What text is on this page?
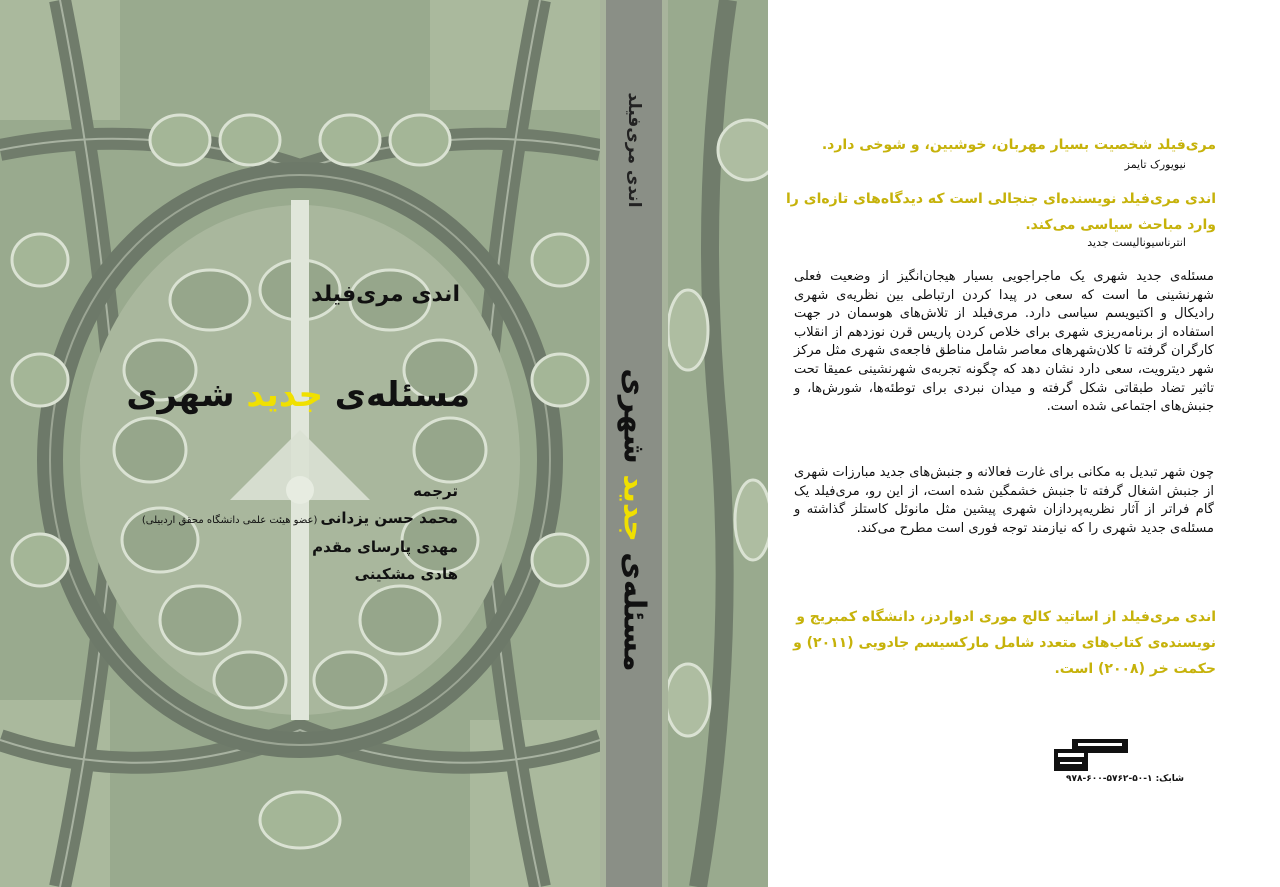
اندی مری‌فیلد
مسئله‌ی جدید شهری
ترجمه
محمد حسن یزدانی (عضو هیئت علمی دانشگاه محقق اردبیلی)
مهدی پارسای مقدم
هادی مشکینی
اندی مری‌فیلد
مسئله‌ی جدید شهری
مری‌فیلد شخصیت بسیار مهربان، خوشبین، و شوخی دارد.
نیویورک تایمز
اندی مری‌فیلد نویسنده‌ای جنجالی است که دیدگاه‌های تازه‌ای را وارد مباحث سیاسی می‌کند.
انترناسیونالیست جدید
مسئله‌ی جدید شهری یک ماجراجویی بسیار هیجان‌انگیز از وضعیت فعلی شهرنشینی ما است که سعی در پیدا کردن ارتباطی بین نظریه‌ی شهری رادیکال و اکتیویسم سیاسی دارد. مری‌فیلد از تلاش‌های هوسمان در جهت استفاده از برنامه‌ریزی شهری برای خلاص کردن پاریس قرن نوزدهم از انقلاب کارگران گرفته تا کلان‌شهرهای معاصر شامل مناطق فاجعه‌ی شهری مثل مرکز شهر دیترویت، سعی دارد نشان دهد که چگونه تجربه‌ی شهرنشینی عمیقا تحت تاثیر تضاد طبقاتی شکل گرفته و میدان نبردی برای توطئه‌ها، شورش‌ها، و جنبش‌های اجتماعی شده است.
چون شهر تبدیل به مکانی برای غارت فعالانه و جنبش‌های جدید مبارزات شهری از جنبش اشغال گرفته تا جنبش خشمگین شده است، از این رو، مری‌فیلد یک گام فراتر از آثار نظریه‌پردازان شهری پیشین مثل مانوئل کاستلز گذاشته و مسئله‌ی جدید شهری را که نیازمند توجه فوری است مطرح می‌کند.
اندی مری‌فیلد از اساتید کالج موری ادواردز، دانشگاه کمبریج و نویسنده‌ی کتاب‌های متعدد شامل مارکسیسم جادویی (۲۰۱۱) و حکمت خر (۲۰۰۸) است.
شابک: ۱-۵۰-۵۷۶۲-۶۰۰-۹۷۸
